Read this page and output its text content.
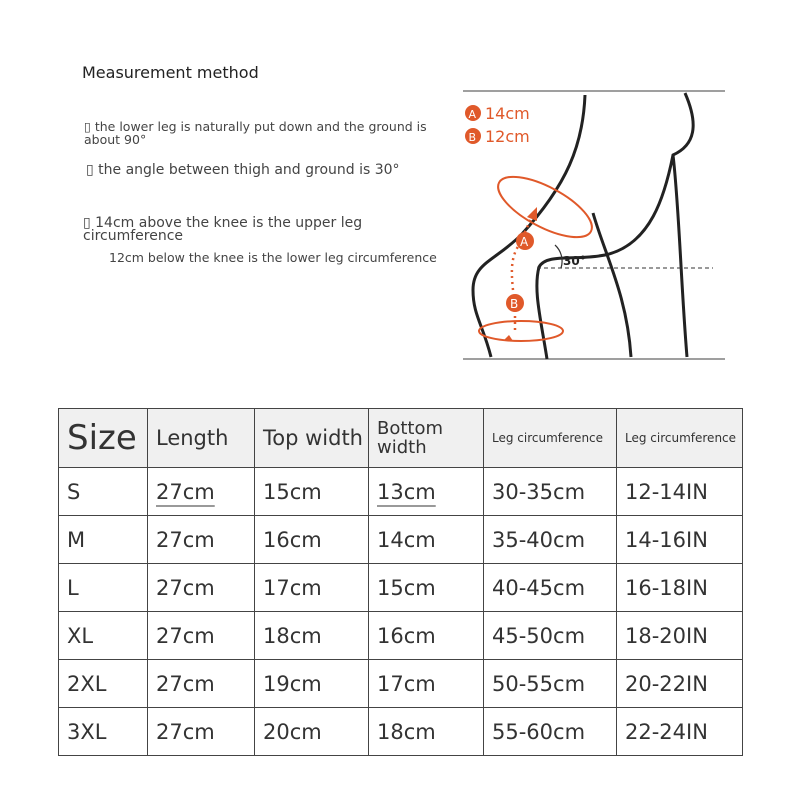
Measurement method
▯ the lower leg is naturally put down and the ground is about 90°
▯ the angle between thigh and ground is 30°
▯ 14cm above the knee is the upper leg circumference
12cm below the knee is the lower leg circumference	30°
A
B
A 14cm
B 12cm
Size	Length	Top width	Bottom width	Leg circumference	Leg circumference
S	27cm	15cm	13cm	30-35cm	12-14IN
M	27cm	16cm	14cm	35-40cm	14-16IN
L	27cm	17cm	15cm	40-45cm	16-18IN
XL	27cm	18cm	16cm	45-50cm	18-20IN
2XL	27cm	19cm	17cm	50-55cm	20-22IN
3XL	27cm	20cm	18cm	55-60cm	22-24IN
